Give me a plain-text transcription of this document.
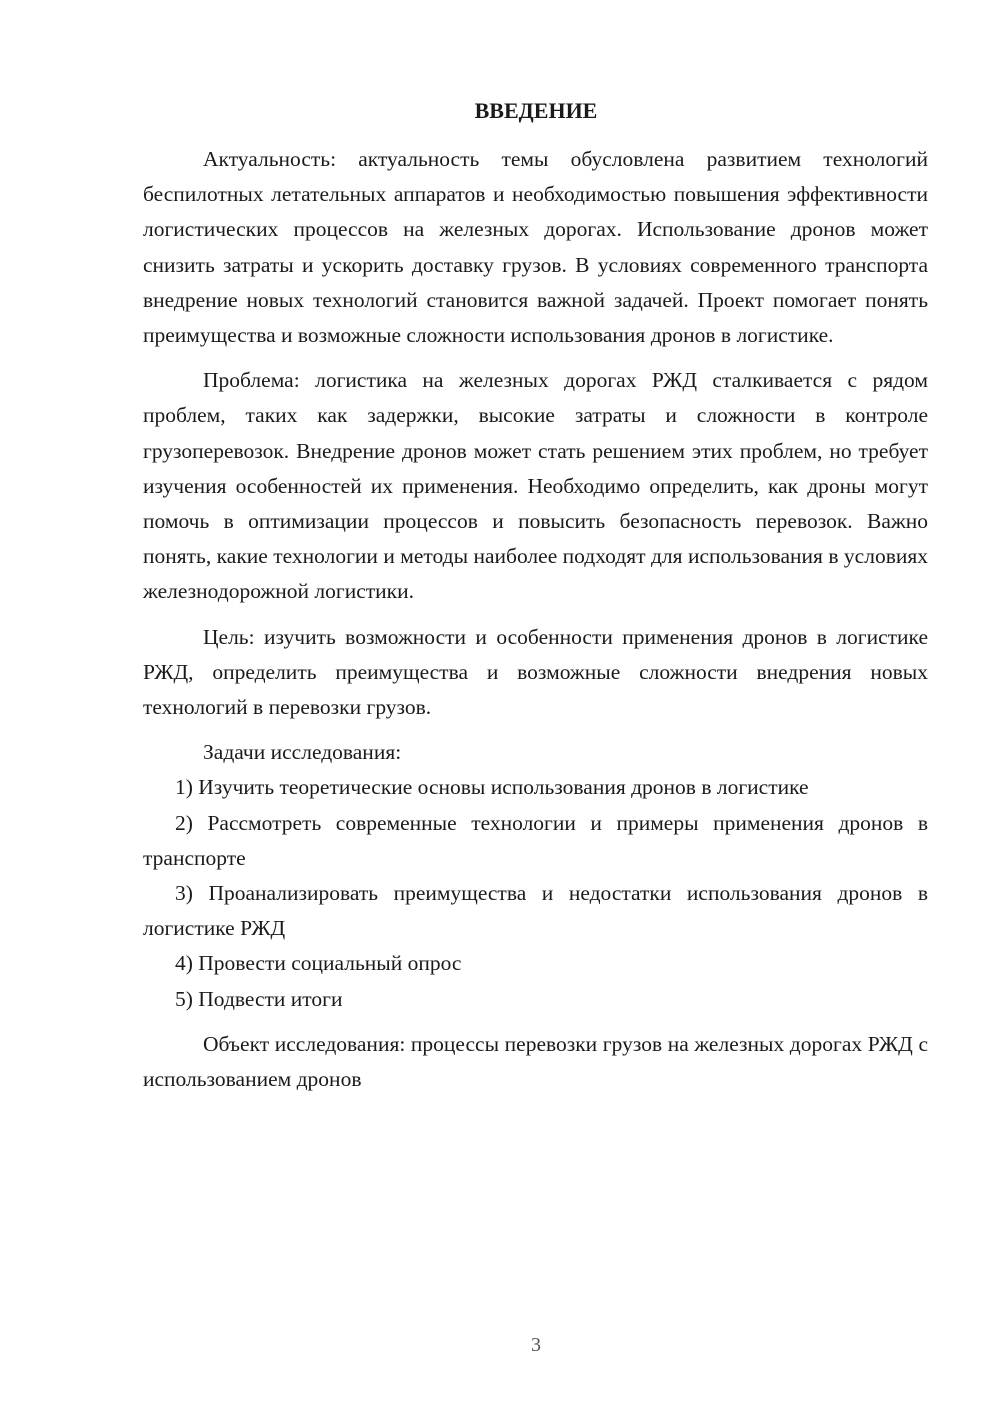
ВВЕДЕНИЕ

Актуальность: актуальность темы обусловлена развитием технологий беспилотных летательных аппаратов и необходимостью повышения эффективности логистических процессов на железных дорогах. Использование дронов может снизить затраты и ускорить доставку грузов. В условиях современного транспорта внедрение новых технологий становится важной задачей. Проект помогает понять преимущества и возможные сложности использования дронов в логистике.

Проблема: логистика на железных дорогах РЖД сталкивается с рядом проблем, таких как задержки, высокие затраты и сложности в контроле грузоперевозок. Внедрение дронов может стать решением этих проблем, но требует изучения особенностей их применения. Необходимо определить, как дроны могут помочь в оптимизации процессов и повысить безопасность перевозок. Важно понять, какие технологии и методы наиболее подходят для использования в условиях железнодорожной логистики.

Цель: изучить возможности и особенности применения дронов в логистике РЖД, определить преимущества и возможные сложности внедрения новых технологий в перевозки грузов.

Задачи исследования:

1) Изучить теоретические основы использования дронов в логистике

2) Рассмотреть современные технологии и примеры применения дронов в транспорте

3) Проанализировать преимущества и недостатки использования дронов в логистике РЖД

4) Провести социальный опрос

5) Подвести итоги

Объект исследования: процессы перевозки грузов на железных дорогах РЖД с использованием дронов

3
